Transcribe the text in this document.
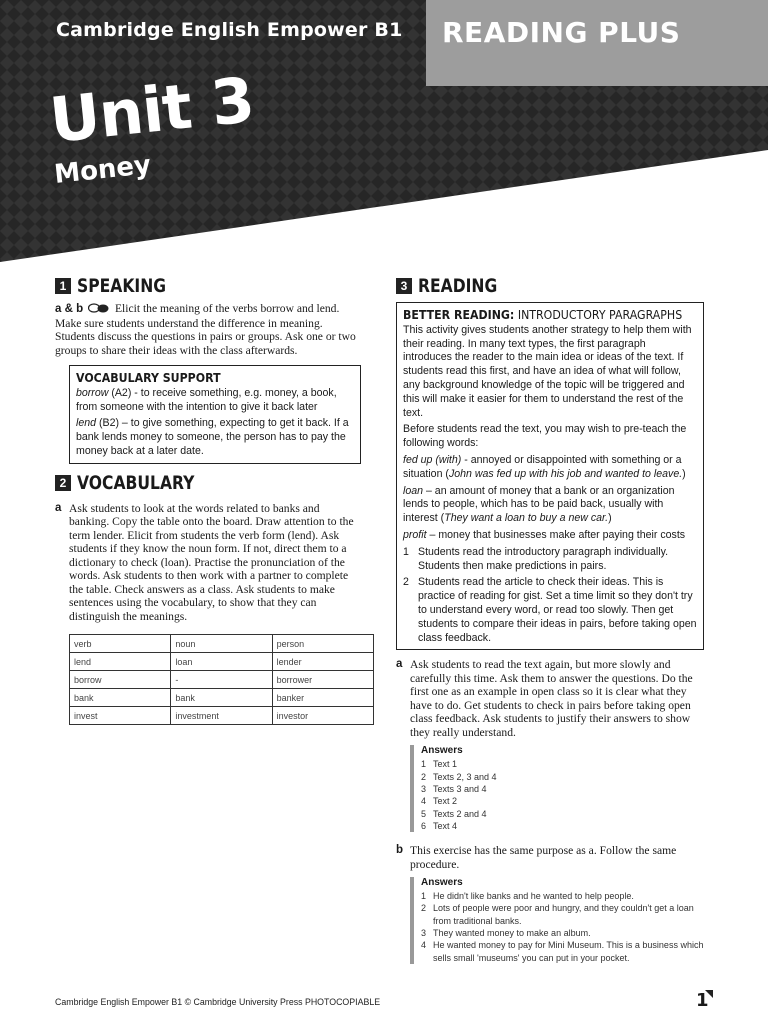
Cambridge English Empower B1 READING PLUS
Unit 3
Money
1 SPEAKING
a & b	Elicit the meaning of the verbs borrow and lend. Make sure students understand the difference in meaning. Students discuss the questions in pairs or groups. Ask one or two groups to share their ideas with the class afterwards.
VOCABULARY SUPPORT

borrow (A2) - to receive something, e.g. money, a book, from someone with the intention to give it back later

lend (B2) – to give something, expecting to get it back. If a bank lends money to someone, the person has to pay the money back at a later date.

2 VOCABULARY
a Ask students to look at the words related to banks and banking. Copy the table onto the board. Draw attention to the term lender. Elicit from students the verb form (lend). Ask students if they know the noun form. If not, direct them to a dictionary to check (loan). Practise the pronunciation of the words. Ask students to then work with a partner to complete the table. Check answers as a class. Ask students to make sentences using the vocabulary, to show that they can distinguish the meanings.
verb	noun	person
lend	loan	lender
borrow	-	borrower
bank	bank	banker
invest	investment	investor
3 READING
BETTER READING: INTRODUCTORY PARAGRAPHS

This activity gives students another strategy to help them with their reading. In many text types, the first paragraph introduces the reader to the main idea or ideas of the text. If students read this first, and have an idea of what will follow, any background knowledge of the topic will be triggered and this will make it easier for them to understand the rest of the text.

Before students read the text, you may wish to pre-teach the following words:

fed up (with) - annoyed or disappointed with something or a situation (John was fed up with his job and wanted to leave.)

loan – an amount of money that a bank or an organization lends to people, which has to be paid back, usually with interest (They want a loan to buy a new car.)

profit – money that businesses make after paying their costs

1 Students read the introductory paragraph individually. Students then make predictions in pairs.
2 Students read the article to check their ideas. This is practice of reading for gist. Set a time limit so they don't try to understand every word, or read too slowly. Then get students to compare their ideas in pairs, before taking open class feedback.
a Ask students to read the text again, but more slowly and carefully this time. Ask them to answer the questions. Do the first one as an example in open class so it is clear what they have to do. Get students to check in pairs before taking open class feedback. Ask students to justify their answers to show they really understand.
Answers
1 Text 1
2 Texts 2, 3 and 4
3 Texts 3 and 4
4 Text 2
5 Texts 2 and 4
6 Text 4
b This exercise has the same purpose as a. Follow the same procedure.
Answers
1 He didn't like banks and he wanted to help people.
2 Lots of people were poor and hungry, and they couldn't get a loan from traditional banks.
3 They wanted money to make an album.
4 He wanted money to pay for Mini Museum. This is a business which sells small 'museums' you can put in your pocket.
Cambridge English Empower B1 © Cambridge University Press PHOTOCOPIABLE	1
